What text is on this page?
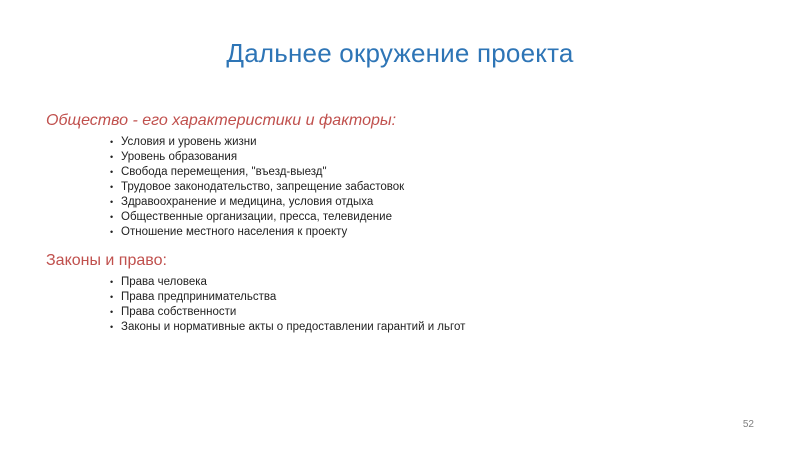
Дальнее окружение проекта
Общество - его характеристики и факторы:
• Условия и уровень жизни
• Уровень образования
• Свобода перемещения, "въезд-выезд"
• Трудовое законодательство, запрещение забастовок
• Здравоохранение и медицина, условия отдыха
• Общественные организации, пресса, телевидение
• Отношение местного населения к проекту
Законы и право:
• Права человека
• Права предпринимательства
• Права собственности
• Законы и нормативные акты о предоставлении гарантий и льгот
52
